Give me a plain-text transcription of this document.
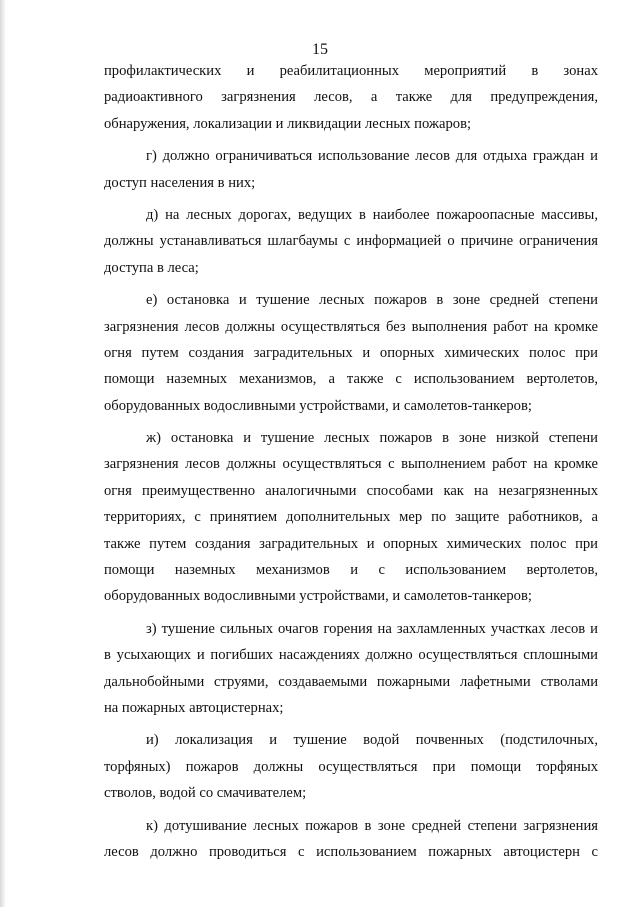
15
профилактических и реабилитационных мероприятий в зонах
радиоактивного загрязнения лесов, а также для предупреждения,
обнаружения, локализации и ликвидации лесных пожаров;
г) должно ограничиваться использование лесов для отдыха граждан и
доступ населения в них;
д) на лесных дорогах, ведущих в наиболее пожароопасные массивы,
должны устанавливаться шлагбаумы с информацией о причине ограничения
доступа в леса;
е) остановка и тушение лесных пожаров в зоне средней степени
загрязнения лесов должны осуществляться без выполнения работ на кромке
огня путем создания заградительных и опорных химических полос при
помощи наземных механизмов, а также с использованием вертолетов,
оборудованных водосливными устройствами, и самолетов-танкеров;
ж) остановка и тушение лесных пожаров в зоне низкой степени
загрязнения лесов должны осуществляться с выполнением работ на кромке
огня преимущественно аналогичными способами как на незагрязненных
территориях, с принятием дополнительных мер по защите работников, а
также путем создания заградительных и опорных химических полос при
помощи наземных механизмов и с использованием вертолетов,
оборудованных водосливными устройствами, и самолетов-танкеров;
з) тушение сильных очагов горения на захламленных участках лесов и
в усыхающих и погибших насаждениях должно осуществляться сплошными
дальнобойными струями, создаваемыми пожарными лафетными стволами
на пожарных автоцистернах;
и) локализация и тушение водой почвенных (подстилочных,
торфяных) пожаров должны осуществляться при помощи торфяных
стволов, водой со смачивателем;
к) дотушивание лесных пожаров в зоне средней степени загрязнения
лесов должно проводиться с использованием пожарных автоцистерн с
